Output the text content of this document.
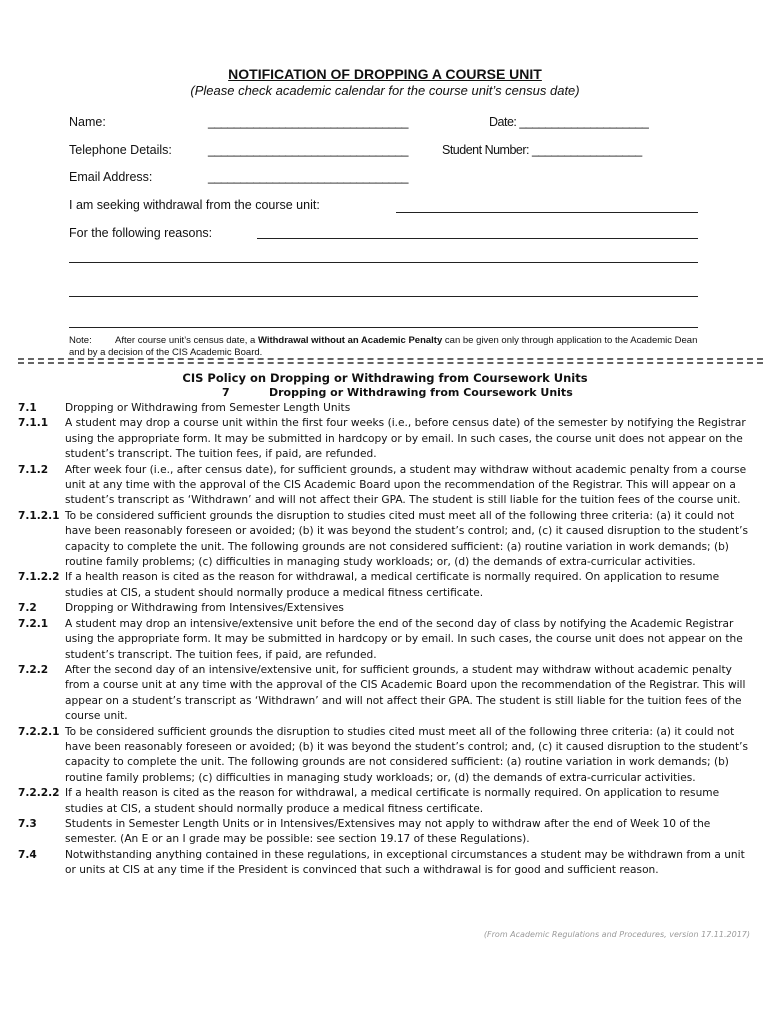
NOTIFICATION OF DROPPING A COURSE UNIT
(Please check academic calendar for the course unit’s census date)
Name:	_______________________________	Date: ____________________
Telephone Details:	_______________________________	Student Number: _________________
Email Address:	_______________________________
I am seeking withdrawal from the course unit:
For the following reasons:
Note: After course unit’s census date, a Withdrawal without an Academic Penalty can be given only through application to the Academic Dean and by a decision of the CIS Academic Board.
CIS Policy on Dropping or Withdrawing from Coursework Units
7	Dropping or Withdrawing from Coursework Units
7.1	Dropping or Withdrawing from Semester Length Units
7.1.1	A student may drop a course unit within the first four weeks (i.e., before census date) of the semester by notifying the Registrar using the appropriate form. It may be submitted in hardcopy or by email. In such cases, the course unit does not appear on the student’s transcript. The tuition fees, if paid, are refunded.
7.1.2	After week four (i.e., after census date), for sufficient grounds, a student may withdraw without academic penalty from a course unit at any time with the approval of the CIS Academic Board upon the recommendation of the Registrar. This will appear on a student’s transcript as ‘Withdrawn’ and will not affect their GPA. The student is still liable for the tuition fees of the course unit.
7.1.2.1 To be considered sufficient grounds the disruption to studies cited must meet all of the following three criteria: (a) it could not have been reasonably foreseen or avoided; (b) it was beyond the student’s control; and, (c) it caused disruption to the student’s capacity to complete the unit. The following grounds are not considered sufficient: (a) routine variation in work demands; (b) routine family problems; (c) difficulties in managing study workloads; or, (d) the demands of extra-curricular activities.
7.1.2.2 If a health reason is cited as the reason for withdrawal, a medical certificate is normally required. On application to resume studies at CIS, a student should normally produce a medical fitness certificate.
7.2	Dropping or Withdrawing from Intensives/Extensives
7.2.1	A student may drop an intensive/extensive unit before the end of the second day of class by notifying the Academic Registrar using the appropriate form. It may be submitted in hardcopy or by email. In such cases, the course unit does not appear on the student’s transcript. The tuition fees, if paid, are refunded.
7.2.2	After the second day of an intensive/extensive unit, for sufficient grounds, a student may withdraw without academic penalty from a course unit at any time with the approval of the CIS Academic Board upon the recommendation of the Registrar. This will appear on a student’s transcript as ‘Withdrawn’ and will not affect their GPA. The student is still liable for the tuition fees of the course unit.
7.2.2.1 To be considered sufficient grounds the disruption to studies cited must meet all of the following three criteria: (a) it could not have been reasonably foreseen or avoided; (b) it was beyond the student’s control; and, (c) it caused disruption to the student’s capacity to complete the unit. The following grounds are not considered sufficient: (a) routine variation in work demands; (b) routine family problems; (c) difficulties in managing study workloads; or, (d) the demands of extra-curricular activities.
7.2.2.2 If a health reason is cited as the reason for withdrawal, a medical certificate is normally required. On application to resume studies at CIS, a student should normally produce a medical fitness certificate.
7.3	Students in Semester Length Units or in Intensives/Extensives may not apply to withdraw after the end of Week 10 of the semester. (An E or an I grade may be possible: see section 19.17 of these Regulations).
7.4	Notwithstanding anything contained in these regulations, in exceptional circumstances a student may be withdrawn from a unit or units at CIS at any time if the President is convinced that such a withdrawal is for good and sufficient reason.
(From Academic Regulations and Procedures, version 17.11.2017)
